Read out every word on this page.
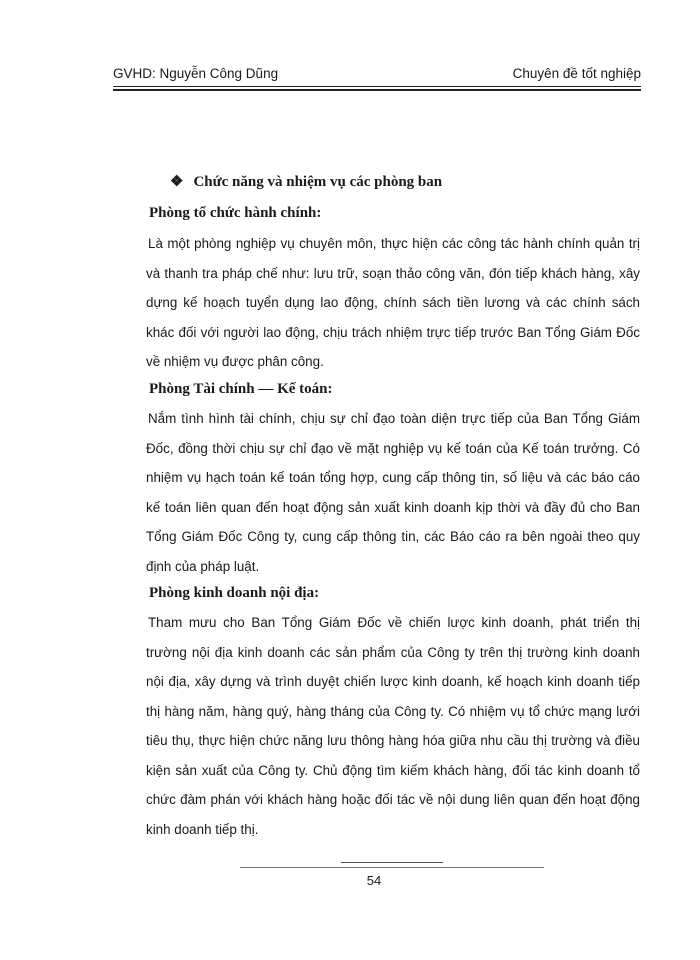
GVHD: Nguyễn Công Dũng	Chuyên đề tốt nghiệp
❖ Chức năng và nhiệm vụ các phòng ban
Phòng tổ chức hành chính:
Là một phòng nghiệp vụ chuyên môn, thực hiện các công tác hành chính quản trị và thanh tra pháp chế như: lưu trữ, soạn thảo công văn, đón tiếp khách hàng, xây dựng kế hoạch tuyển dụng lao động, chính sách tiền lương và các chính sách khác đối với người lao động, chịu trách nhiệm trực tiếp trước Ban Tổng Giám Đốc về nhiệm vụ được phân công.
Phòng Tài chính — Kế toán:
Nắm tình hình tài chính, chịu sự chỉ đạo toàn diện trực tiếp của Ban Tổng Giám Đốc, đồng thời chịu sự chỉ đạo về mặt nghiệp vụ kế toán của Kế toán trưởng. Có nhiệm vụ hạch toán kế toán tổng hợp, cung cấp thông tin, số liệu và các báo cáo kế toán liên quan đến hoạt động sản xuất kinh doanh kịp thời và đầy đủ cho Ban Tổng Giám Đốc Công ty, cung cấp thông tin, các Báo cáo ra bên ngoài theo quy định của pháp luật.
Phòng kinh doanh nội địa:
Tham mưu cho Ban Tổng Giám Đốc về chiến lược kinh doanh, phát triển thị trường nội địa kinh doanh các sản phẩm của Công ty trên thị trường kinh doanh nội địa, xây dựng và trình duyệt chiến lược kinh doanh, kế hoạch kinh doanh tiếp thị hàng năm, hàng quý, hàng tháng của Công ty. Có nhiệm vụ tổ chức mạng lưới tiêu thụ, thực hiện chức năng lưu thông hàng hóa giữa nhu cầu thị trường và điều kiện sản xuất của Công ty. Chủ động tìm kiếm khách hàng, đối tác kinh doanh tổ chức đàm phán với khách hàng hoặc đối tác về nội dung liên quan đến hoạt động kinh doanh tiếp thị.
54
